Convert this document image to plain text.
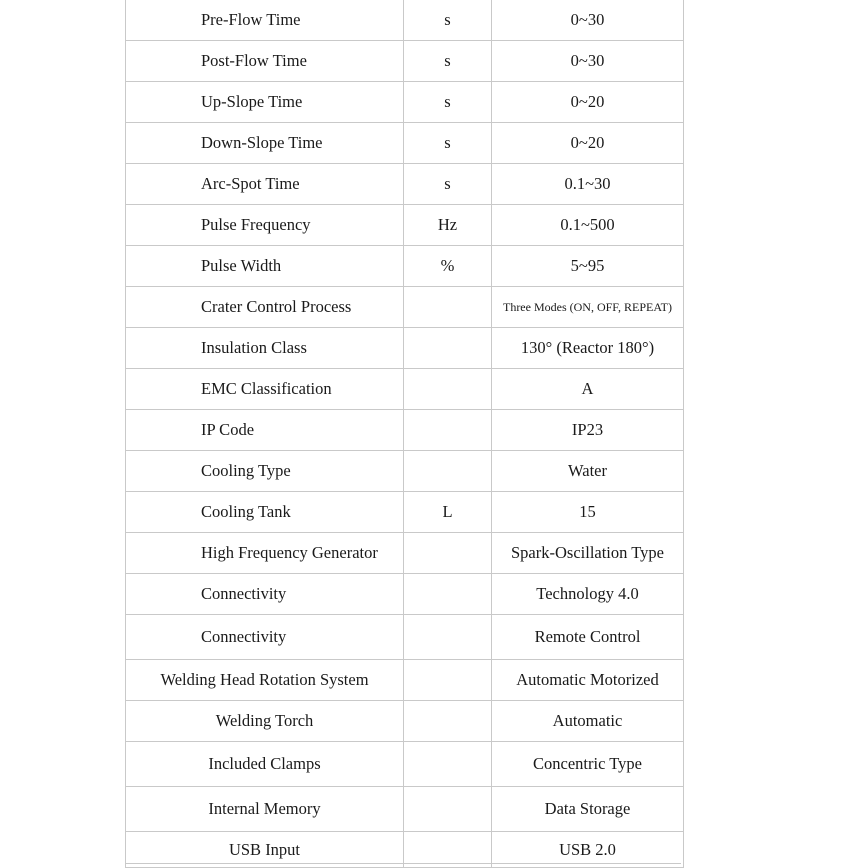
Pre-Flow Time	s	0~30
Post-Flow Time	s	0~30
Up-Slope Time	s	0~20
Down-Slope Time	s	0~20
Arc-Spot Time	s	0.1~30
Pulse Frequency	Hz	0.1~500
Pulse Width	%	5~95
Crater Control Process		Three Modes (ON, OFF, REPEAT)
Insulation Class		130° (Reactor 180°)
EMC Classification		A
IP Code		IP23
Cooling Type		Water
Cooling Tank	L	15
High Frequency Generator		Spark-Oscillation Type
Connectivity		Technology 4.0
Connectivity		Remote Control
Welding Head Rotation System		Automatic Motorized
Welding Torch		Automatic
Included Clamps		Concentric Type
Internal Memory		Data Storage
USB Input		USB 2.0
